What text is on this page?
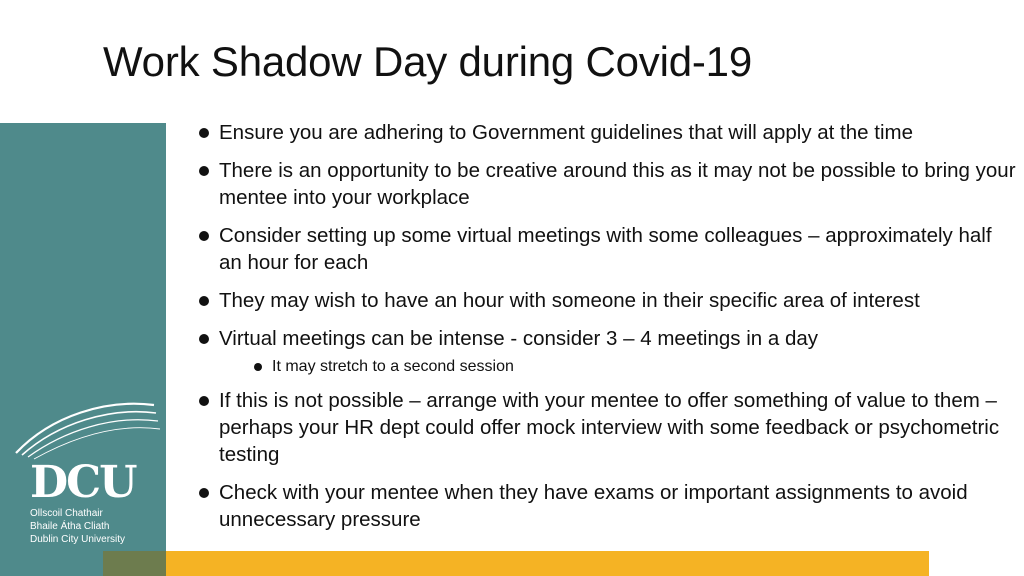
Work Shadow Day during Covid-19
DCU
Ollscoil Chathair
Bhaile Átha Cliath
Dublin City University
Ensure you are adhering to Government guidelines that will apply at the time
There is an opportunity to be creative around this as it may not be possible to bring your mentee into your workplace
Consider setting up some virtual meetings with some colleagues – approximately half an hour for each
They may wish to have an hour with someone in their specific area of interest
Virtual meetings can be intense - consider 3 – 4 meetings in a day
It may stretch to a second session
If this is not possible – arrange with your mentee to offer something of value to them – perhaps your HR dept could offer mock interview with some feedback or psychometric testing
Check with your mentee when they have exams or important assignments to avoid unnecessary pressure
